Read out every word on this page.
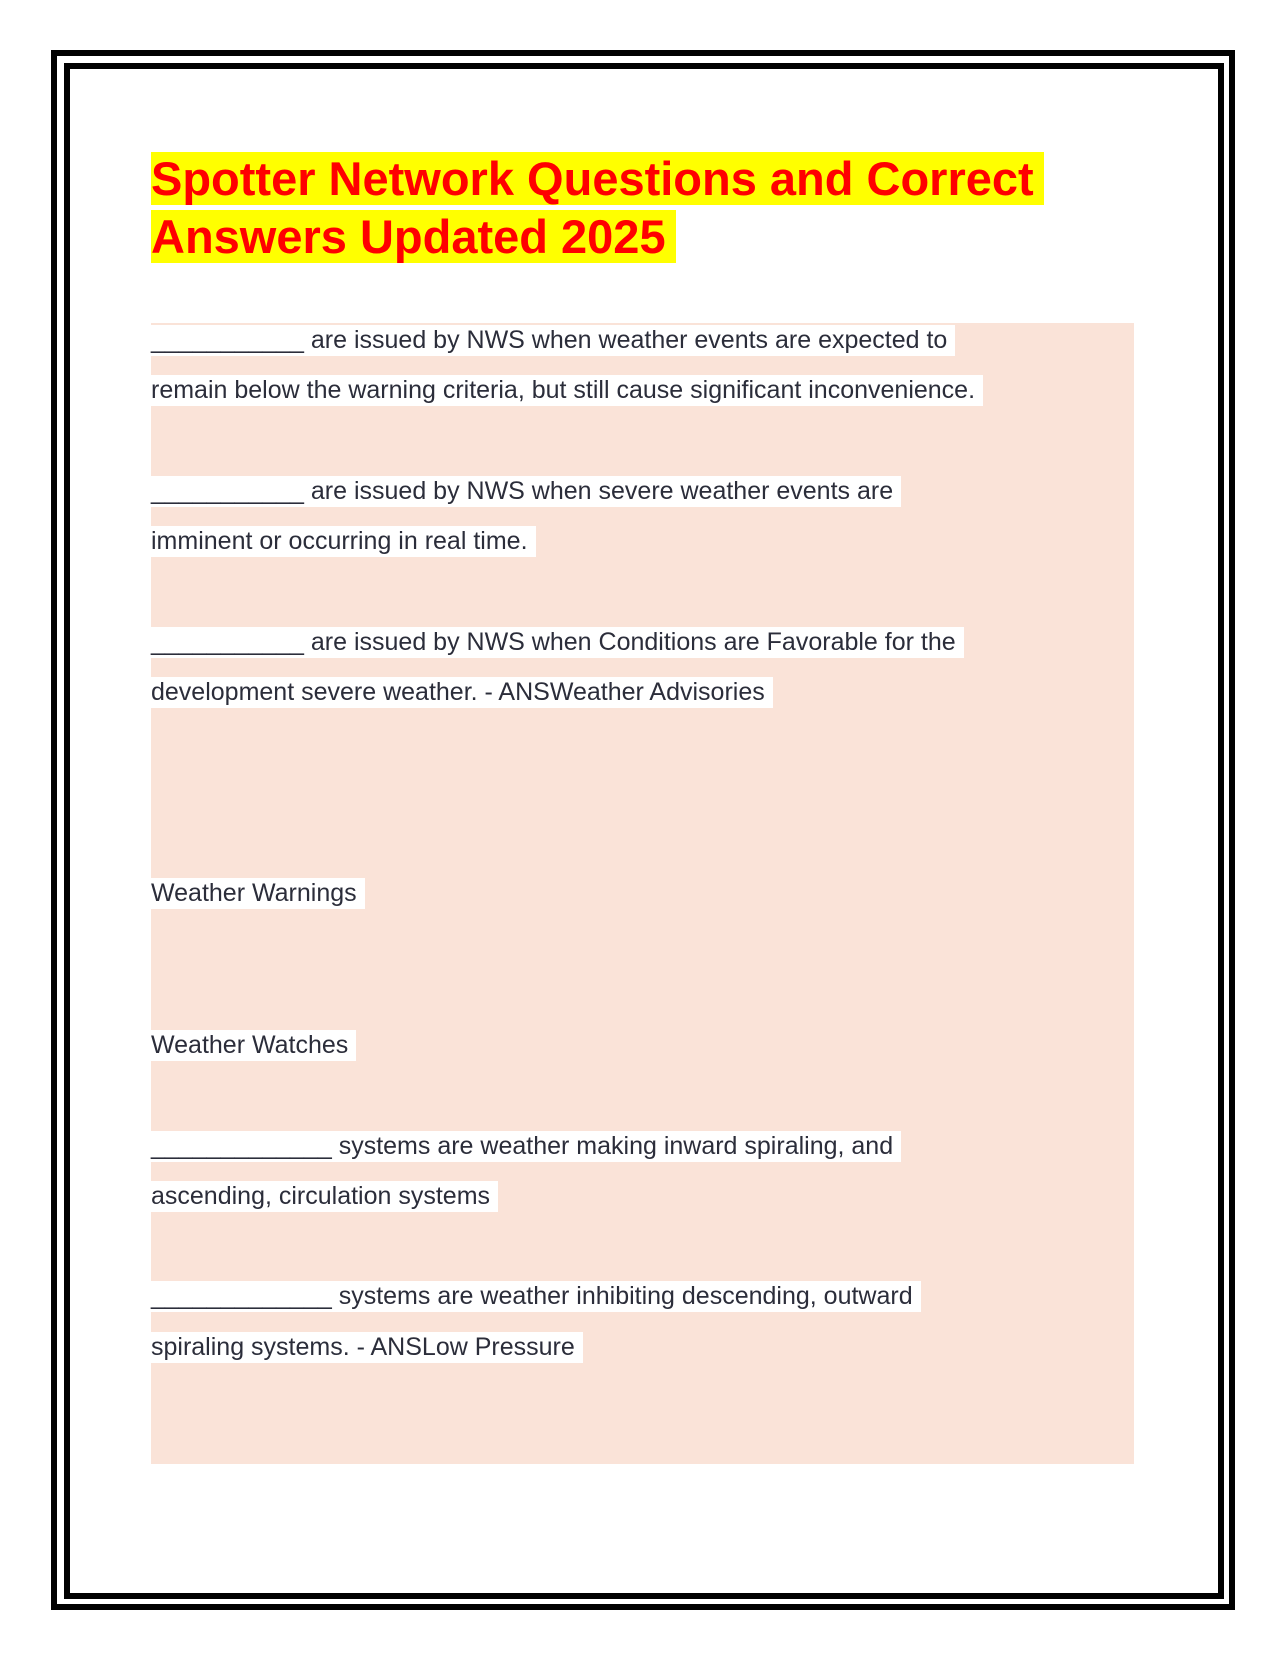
Spotter Network Questions and Correct
Answers Updated 2025
___________ are issued by NWS when weather events are expected to
remain below the warning criteria, but still cause significant inconvenience.
___________ are issued by NWS when severe weather events are
imminent or occurring in real time.
___________ are issued by NWS when Conditions are Favorable for the
development severe weather. - ANSWeather Advisories
Weather Warnings
Weather Watches
_____________ systems are weather making inward spiraling, and
ascending, circulation systems
_____________ systems are weather inhibiting descending, outward
spiraling systems. - ANSLow Pressure
